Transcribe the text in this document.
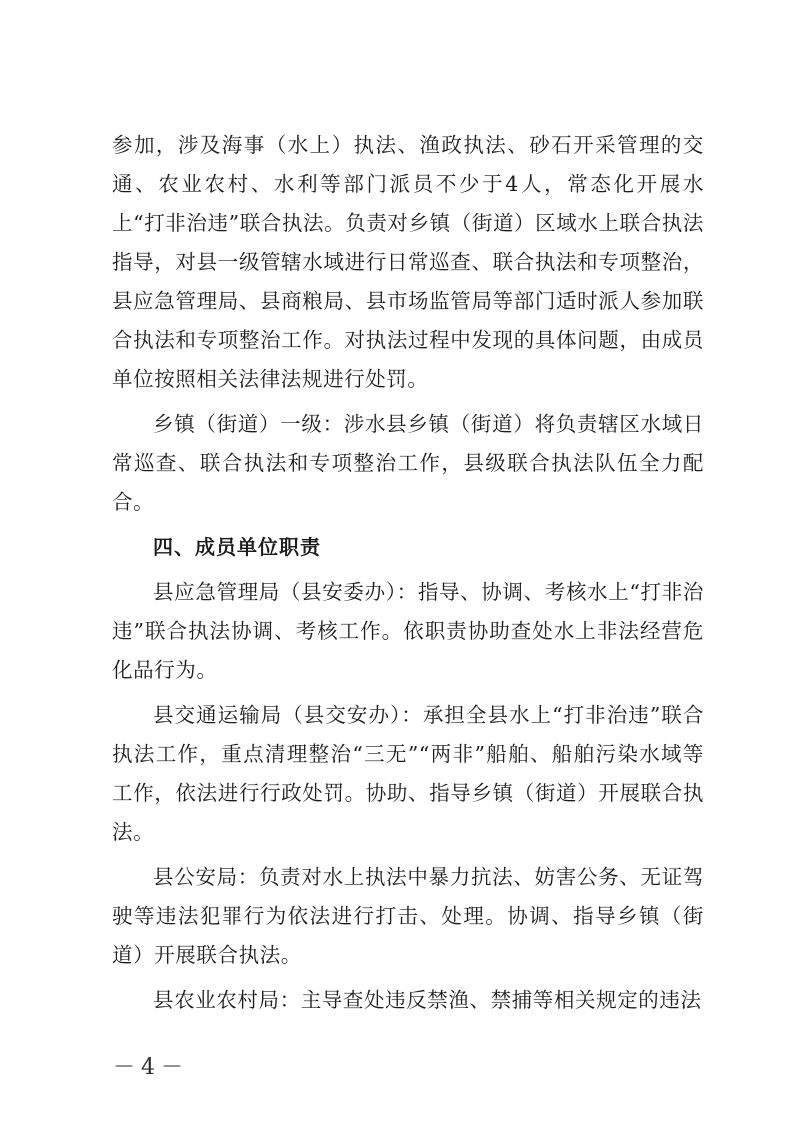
参加，涉及海事（水上）执法、渔政执法、砂石开采管理的交通、农业农村、水利等部门派员不少于4人，常态化开展水上“打非治违”联合执法。负责对乡镇（街道）区域水上联合执法指导，对县一级管辖水域进行日常巡查、联合执法和专项整治，县应急管理局、县商粮局、县市场监管局等部门适时派人参加联合执法和专项整治工作。对执法过程中发现的具体问题，由成员单位按照相关法律法规进行处罚。

乡镇（街道）一级：涉水县乡镇（街道）将负责辖区水域日常巡查、联合执法和专项整治工作，县级联合执法队伍全力配合。

四、成员单位职责

县应急管理局（县安委办）：指导、协调、考核水上“打非治违”联合执法协调、考核工作。依职责协助查处水上非法经营危化品行为。

县交通运输局（县交安办）：承担全县水上“打非治违”联合执法工作，重点清理整治“三无”“两非”船舶、船舶污染水域等工作，依法进行行政处罚。协助、指导乡镇（街道）开展联合执法。

县公安局：负责对水上执法中暴力抗法、妨害公务、无证驾驶等违法犯罪行为依法进行打击、处理。协调、指导乡镇（街道）开展联合执法。

县农业农村局：主导查处违反禁渔、禁捕等相关规定的违法

－4－
